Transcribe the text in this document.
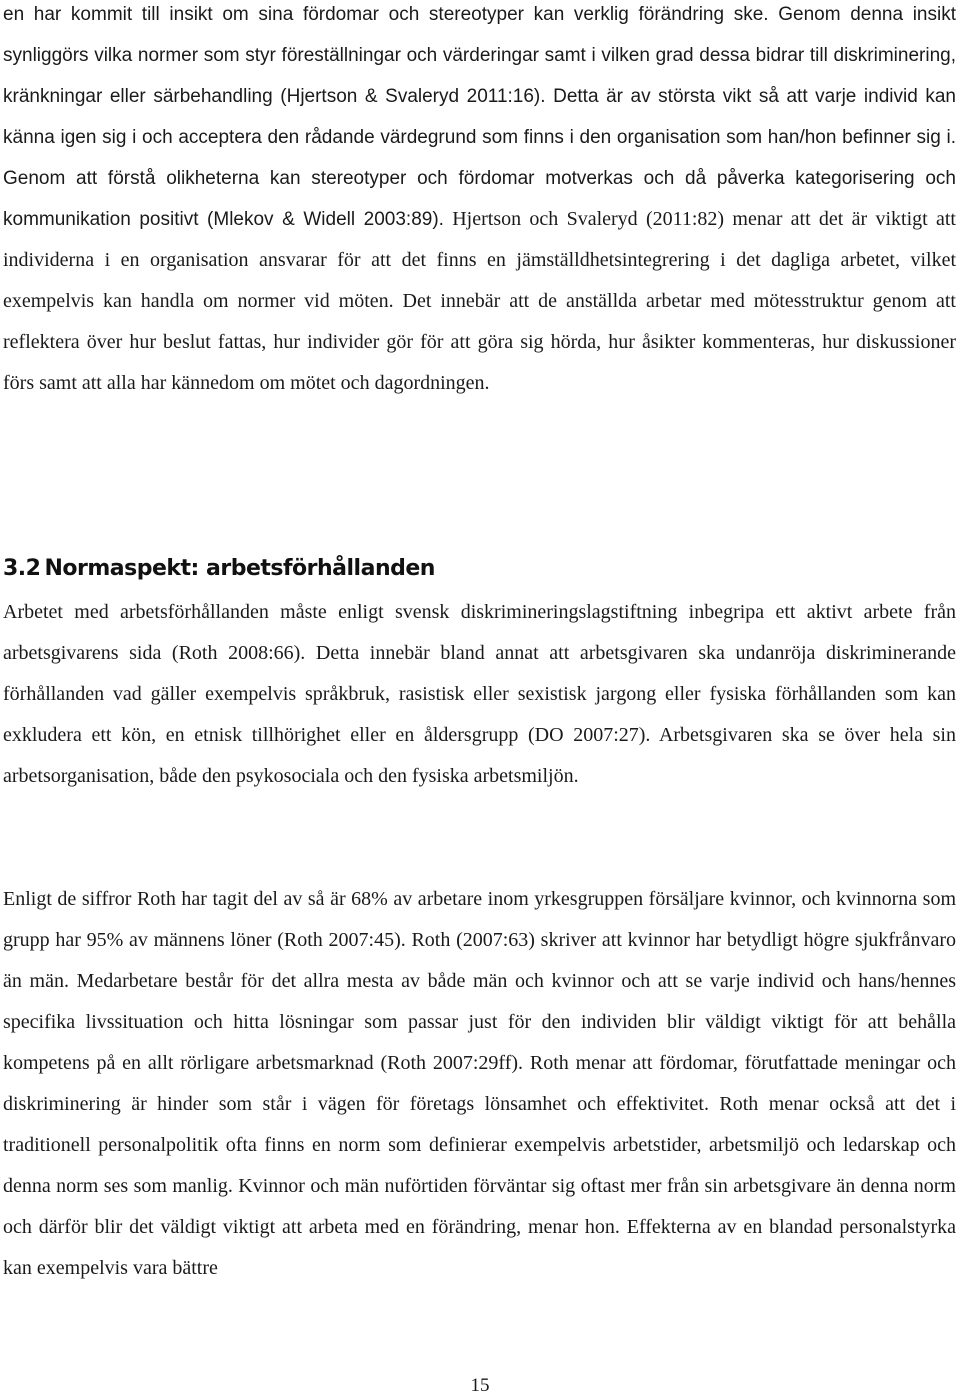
en har kommit till insikt om sina fördomar och stereotyper kan verklig förändring ske. Genom denna insikt synliggörs vilka normer som styr föreställningar och värderingar samt i vilken grad dessa bidrar till diskriminering, kränkningar eller särbehandling (Hjertson & Svaleryd 2011:16). Detta är av största vikt så att varje individ kan känna igen sig i och acceptera den rådande värdegrund som finns i den organisation som han/hon befinner sig i. Genom att förstå olikheterna kan stereotyper och fördomar motverkas och då påverka kategorisering och kommunikation positivt (Mlekov & Widell 2003:89). Hjertson och Svaleryd (2011:82) menar att det är viktigt att individerna i en organisation ansvarar för att det finns en jämställdhetsintegrering i det dagliga arbetet, vilket exempelvis kan handla om normer vid möten. Det innebär att de anställda arbetar med mötesstruktur genom att reflektera över hur beslut fattas, hur individer gör för att göra sig hörda, hur åsikter kommenteras, hur diskussioner förs samt att alla har kännedom om mötet och dagordningen.

3.2 Normaspekt: arbetsförhållanden

Arbetet med arbetsförhållanden måste enligt svensk diskrimineringslagstiftning inbegripa ett aktivt arbete från arbetsgivarens sida (Roth 2008:66). Detta innebär bland annat att arbetsgivaren ska undanröja diskriminerande förhållanden vad gäller exempelvis språkbruk, rasistisk eller sexistisk jargong eller fysiska förhållanden som kan exkludera ett kön, en etnisk tillhörighet eller en åldersgrupp (DO 2007:27). Arbetsgivaren ska se över hela sin arbetsorganisation, både den psykosociala och den fysiska arbetsmiljön.

Enligt de siffror Roth har tagit del av så är 68% av arbetare inom yrkesgruppen försäljare kvinnor, och kvinnorna som grupp har 95% av männens löner (Roth 2007:45). Roth (2007:63) skriver att kvinnor har betydligt högre sjukfrånvaro än män. Medarbetare består för det allra mesta av både män och kvinnor och att se varje individ och hans/hennes specifika livssituation och hitta lösningar som passar just för den individen blir väldigt viktigt för att behålla kompetens på en allt rörligare arbetsmarknad (Roth 2007:29ff). Roth menar att fördomar, förutfattade meningar och diskriminering är hinder som står i vägen för företags lönsamhet och effektivitet. Roth menar också att det i traditionell personalpolitik ofta finns en norm som definierar exempelvis arbetstider, arbetsmiljö och ledarskap och denna norm ses som manlig. Kvinnor och män nuförtiden förväntar sig oftast mer från sin arbetsgivare än denna norm och därför blir det väldigt viktigt att arbeta med en förändring, menar hon. Effekterna av en blandad personalstyrka kan exempelvis vara bättre

15
